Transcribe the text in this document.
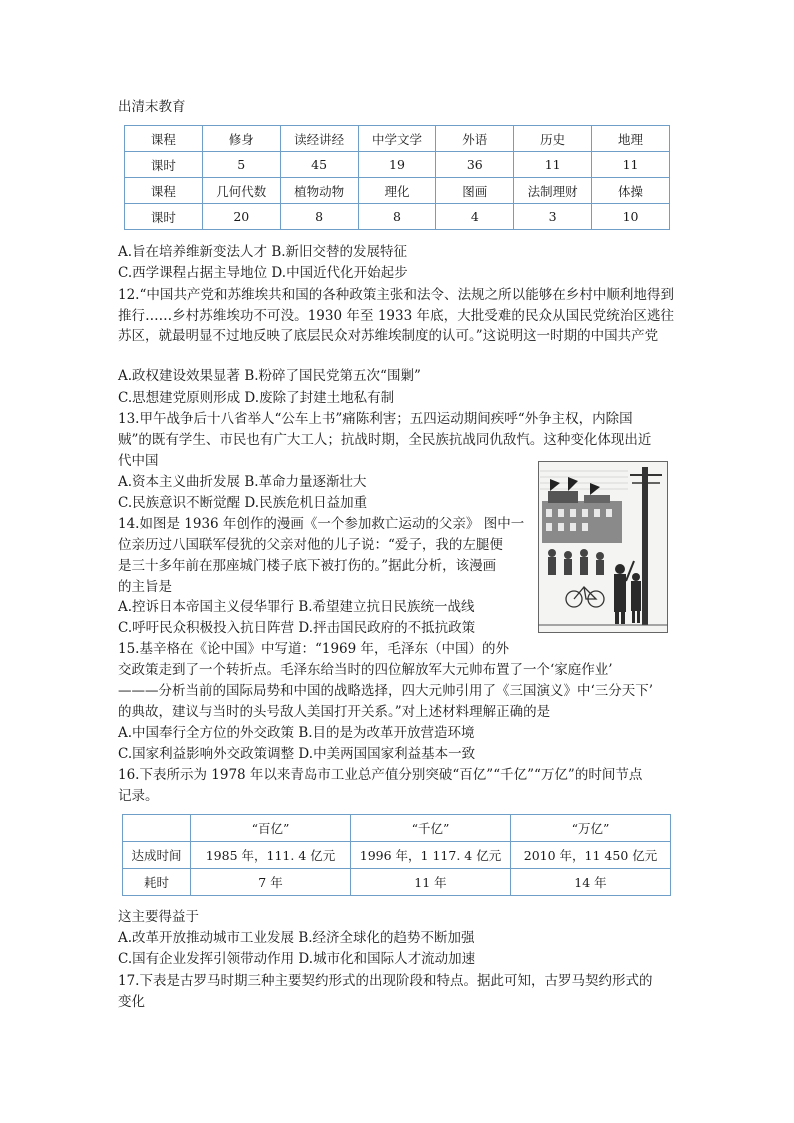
出清末教育
课程	修身	读经讲经	中学文学	外语	历史	地理
课时	5	45	19	36	11	11
课程	几何代数	植物动物	理化	图画	法制理财	体操
课时	20	8	8	4	3	10
A.旨在培养维新变法人才 B.新旧交替的发展特征
C.西学课程占据主导地位 D.中国近代化开始起步
12.“中国共产党和苏维埃共和国的各种政策主张和法令、法规之所以能够在乡村中顺利地得到推行……乡村苏维埃功不可没。1930 年至 1933 年底，大批受难的民众从国民党统治区逃往苏区，就最明显不过地反映了底层民众对苏维埃制度的认可。”这说明这一时期的中国共产党
A.政权建设效果显著 B.粉碎了国民党第五次“围剿”
C.思想建党原则形成 D.废除了封建土地私有制
13.甲午战争后十八省举人“公车上书”痛陈利害；五四运动期间疾呼“外争主权，内除国
贼”的既有学生、市民也有广大工人；抗战时期，全民族抗战同仇敌忾。这种变化体现出近
代中国
A.资本主义曲折发展 B.革命力量逐渐壮大
C.民族意识不断觉醒 D.民族危机日益加重
14.如图是 1936 年创作的漫画《一个参加救亡运动的父亲》 图中一
位亲历过八国联军侵犹的父亲对他的儿子说：“爱子，我的左腿便
是三十多年前在那座城门楼子底下被打伤的。”据此分析，该漫画
的主旨是
A.控诉日本帝国主义侵华罪行 B.希望建立抗日民族统一战线
C.呼吁民众积极投入抗日阵营 D.抨击国民政府的不抵抗政策
15.基辛格在《论中国》中写道：“1969 年，毛泽东（中国）的外
交政策走到了一个转折点。毛泽东给当时的四位解放军大元帅布置了一个‘家庭作业’
———分析当前的国际局势和中国的战略选择，四大元帅引用了《三国演义》中‘三分天下’
的典故，建议与当时的头号敌人美国打开关系。”对上述材料理解正确的是
A.中国奉行全方位的外交政策 B.目的是为改革开放营造环境
C.国家利益影响外交政策调整 D.中美两国国家利益基本一致
16.下表所示为 1978 年以来青岛市工业总产值分别突破“百亿”“千亿”“万亿”的时间节点
记录。
	“百亿”	“千亿”	“万亿”
达成时间	1985 年，111. 4 亿元	1996 年，1 117. 4 亿元	2010 年，11 450 亿元
耗时	7 年	11 年	14 年
这主要得益于
A.改革开放推动城市工业发展 B.经济全球化的趋势不断加强
C.国有企业发挥引领带动作用 D.城市化和国际人才流动加速
17.下表是古罗马时期三种主要契约形式的出现阶段和特点。据此可知，古罗马契约形式的
变化
